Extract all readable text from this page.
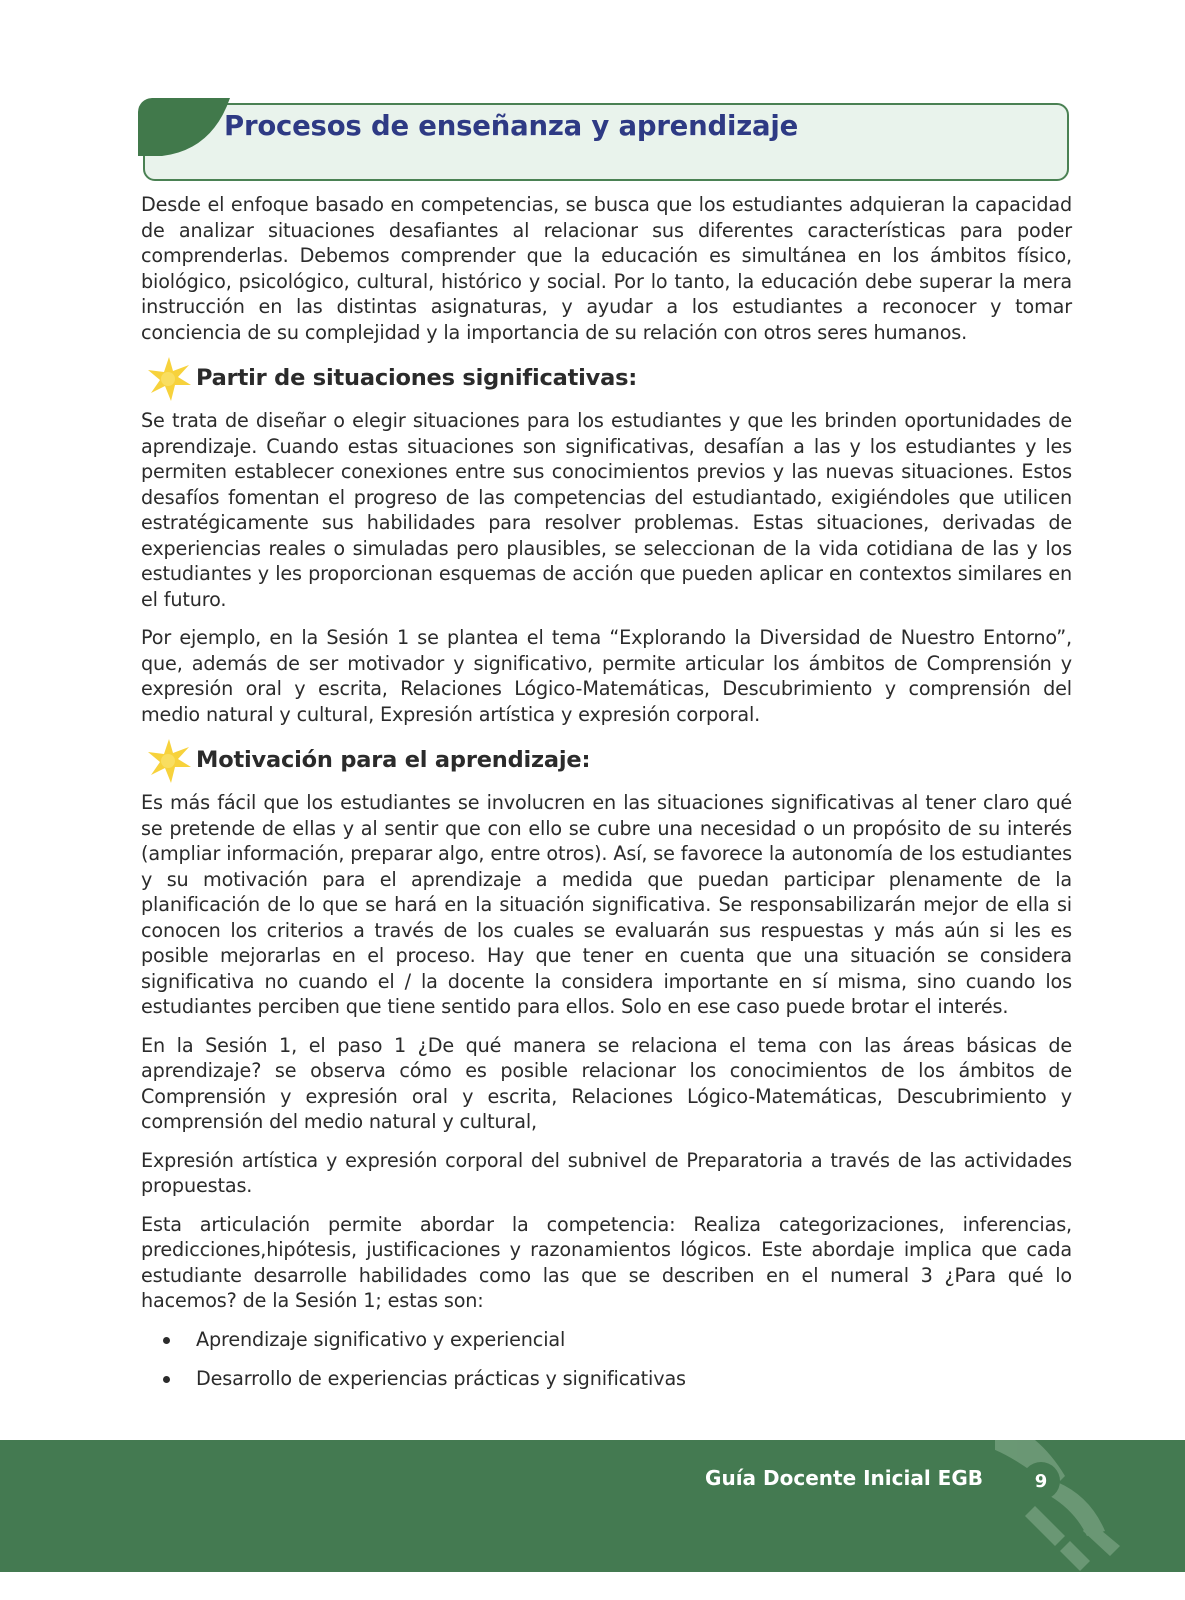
Procesos de enseñanza y aprendizaje

Desde el enfoque basado en competencias, se busca que los estudiantes adquieran la capacidad de analizar situaciones desafiantes al relacionar sus diferentes características para poder comprenderlas. Debemos comprender que la educación es simultánea en los ámbitos físico, biológico, psicológico, cultural, histórico y social. Por lo tanto, la educación debe superar la mera instrucción en las distintas asignaturas, y ayudar a los estudiantes a reconocer y tomar conciencia de su complejidad y la importancia de su relación con otros seres humanos.

Partir de situaciones significativas:

Se trata de diseñar o elegir situaciones para los estudiantes y que les brinden oportunidades de aprendizaje. Cuando estas situaciones son significativas, desafían a las y los estudiantes y les permiten establecer conexiones entre sus conocimientos previos y las nuevas situaciones. Estos desafíos fomentan el progreso de las competencias del estudiantado, exigiéndoles que utilicen estratégicamente sus habilidades para resolver problemas. Estas situaciones, derivadas de experiencias reales o simuladas pero plausibles, se seleccionan de la vida cotidiana de las y los estudiantes y les proporcionan esquemas de acción que pueden aplicar en contextos similares en el futuro.

Por ejemplo, en la Sesión 1 se plantea el tema “Explorando la Diversidad de Nuestro Entorno”, que, además de ser motivador y significativo, permite articular los ámbitos de Comprensión y expresión oral y escrita, Relaciones Lógico-Matemáticas, Descubrimiento y comprensión del medio natural y cultural, Expresión artística y expresión corporal.

Motivación para el aprendizaje:

Es más fácil que los estudiantes se involucren en las situaciones significativas al tener claro qué se pretende de ellas y al sentir que con ello se cubre una necesidad o un propósito de su interés (ampliar información, preparar algo, entre otros). Así, se favorece la autonomía de los estudiantes y su motivación para el aprendizaje a medida que puedan participar plenamente de la planificación de lo que se hará en la situación significativa. Se responsabilizarán mejor de ella si conocen los criterios a través de los cuales se evaluarán sus respuestas y más aún si les es posible mejorarlas en el proceso. Hay que tener en cuenta que una situación se considera significativa no cuando el / la docente la considera importante en sí misma, sino cuando los estudiantes perciben que tiene sentido para ellos. Solo en ese caso puede brotar el interés.

En la Sesión 1, el paso 1 ¿De qué manera se relaciona el tema con las áreas básicas de aprendizaje? se observa cómo es posible relacionar los conocimientos de los ámbitos de Comprensión y expresión oral y escrita, Relaciones Lógico-Matemáticas, Descubrimiento y comprensión del medio natural y cultural,

Expresión artística y expresión corporal del subnivel de Preparatoria a través de las actividades propuestas.

Esta articulación permite abordar la competencia: Realiza categorizaciones, inferencias, predicciones,hipótesis, justificaciones y razonamientos lógicos. Este abordaje implica que cada estudiante desarrolle habilidades como las que se describen en el numeral 3 ¿Para qué lo hacemos? de la Sesión 1; estas son:

Aprendizaje significativo y experiencial
Desarrollo de experiencias prácticas y significativas
Guía Docente Inicial EGB	9
